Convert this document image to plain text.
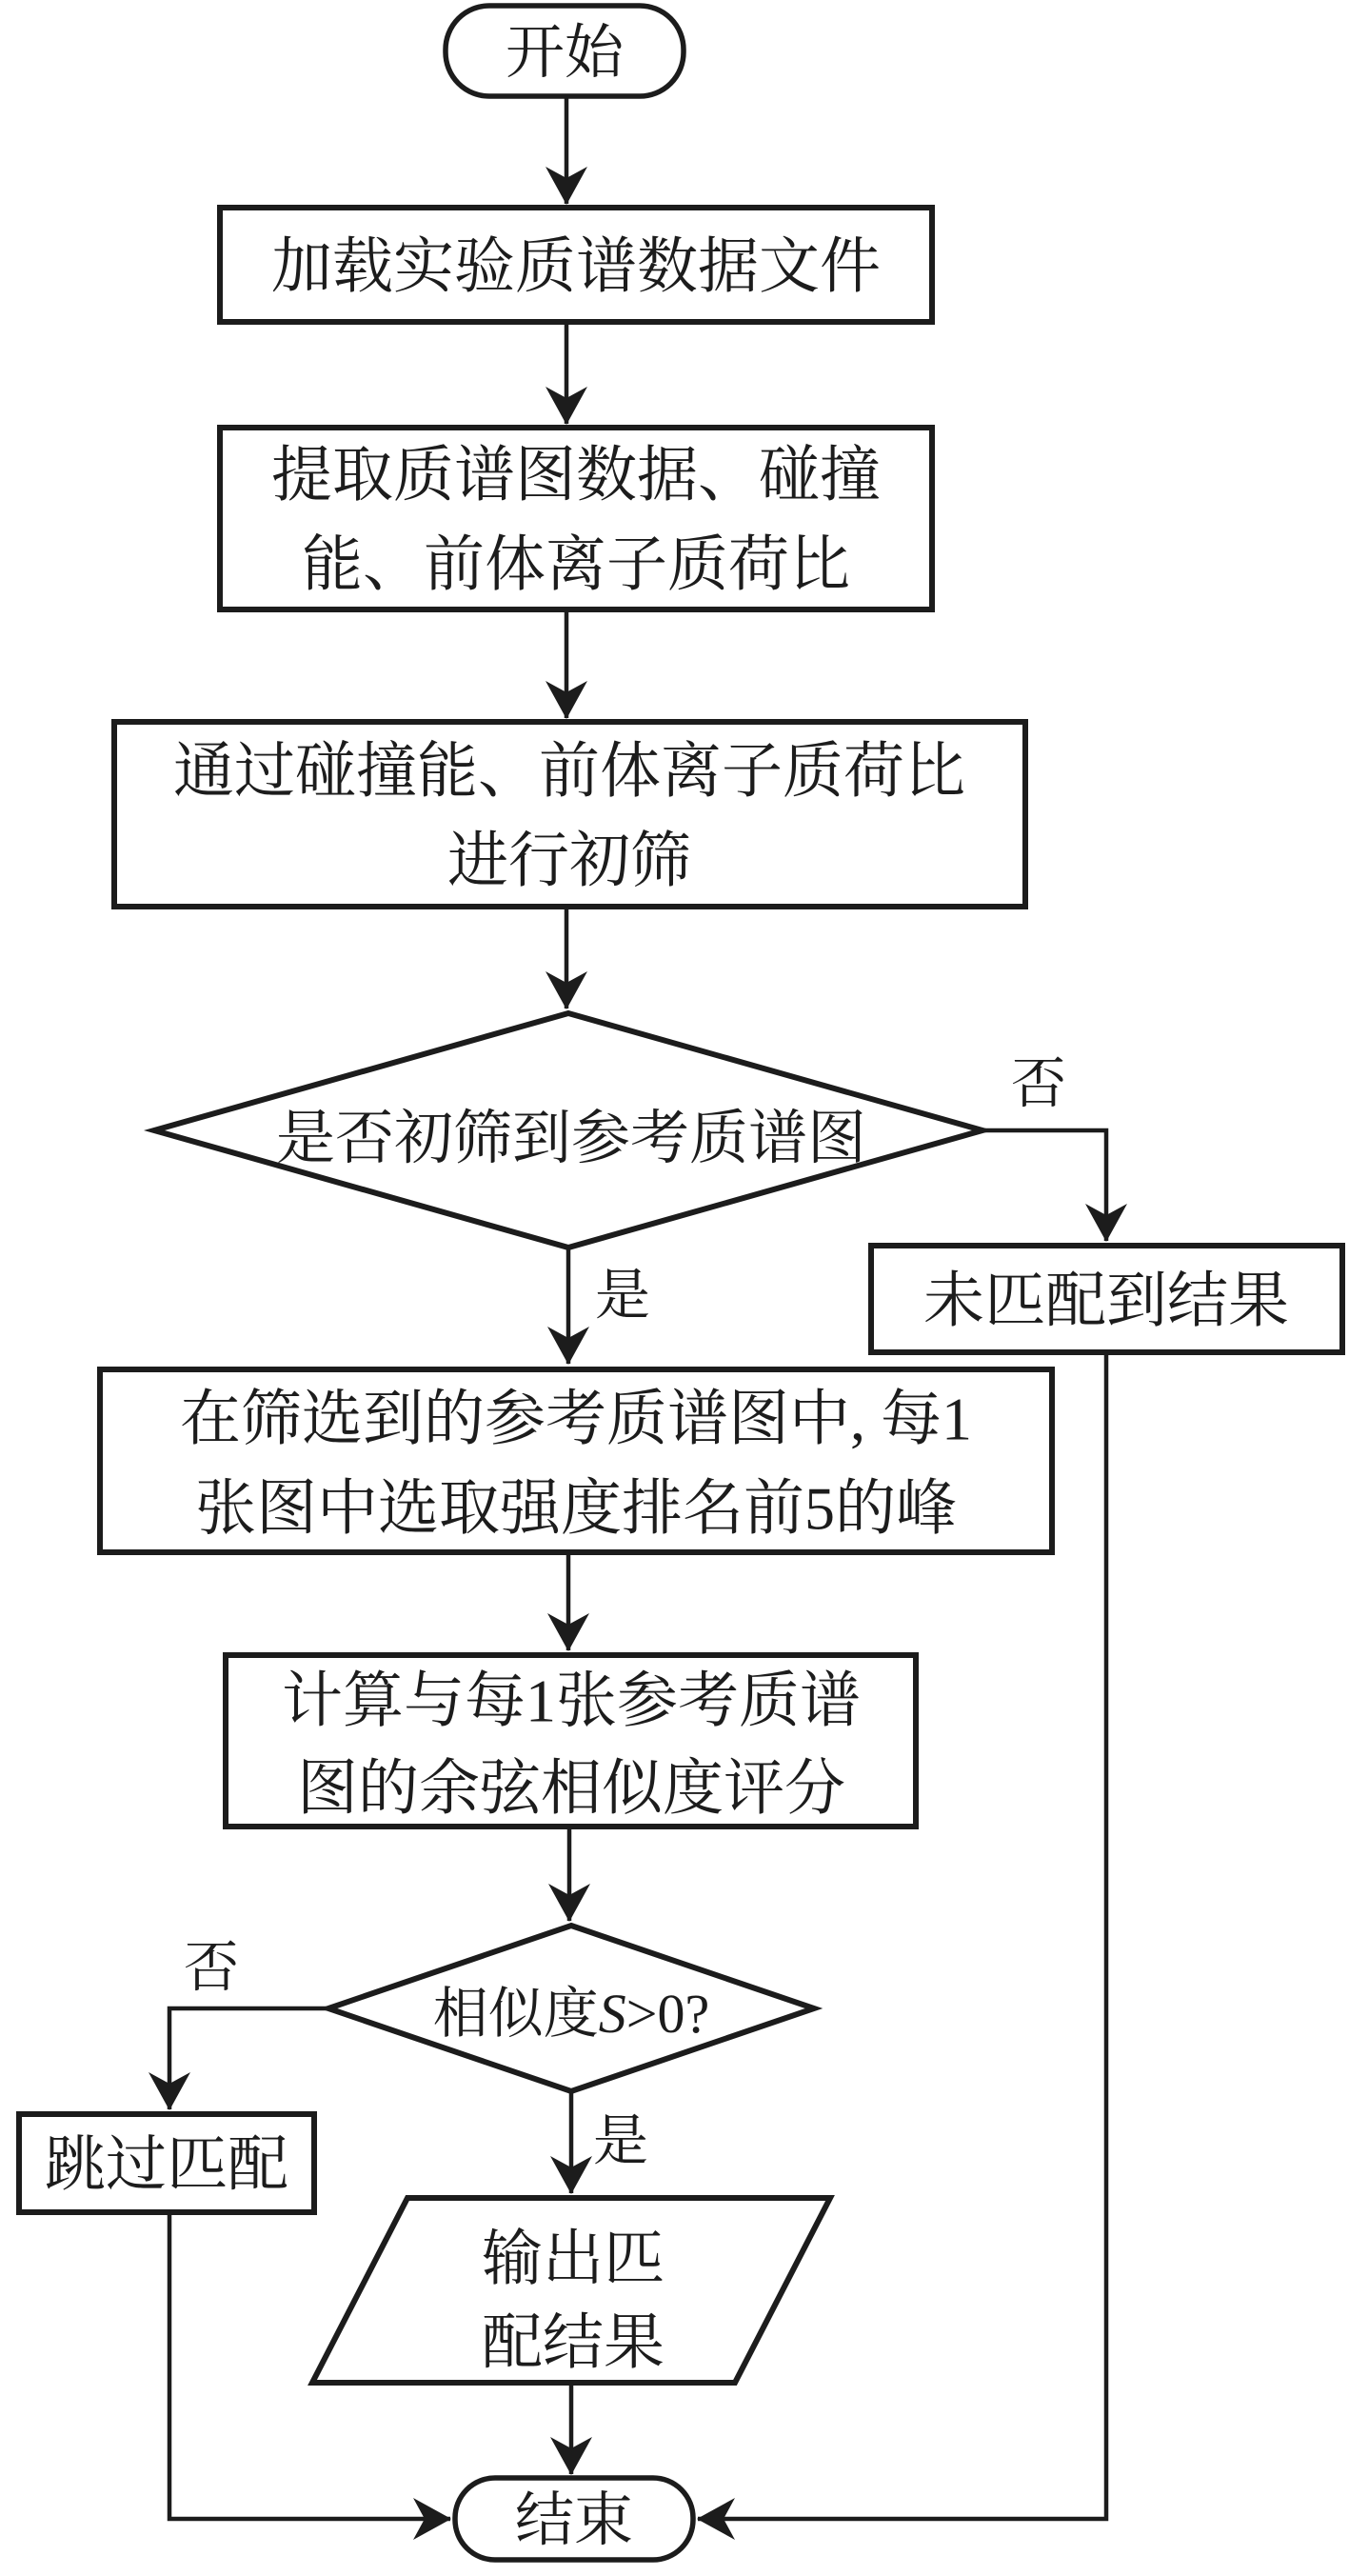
开始
加载实验质谱数据文件
提取质谱图数据、碰撞
能、前体离子质荷比
通过碰撞能、前体离子质荷比
进行初筛
是否初筛到参考质谱图
否
是	未匹配到结果
在筛选到的参考质谱图中, 每1
张图中选取强度排名前5的峰
计算与每1张参考质谱
图的余弦相似度评分
相似度S>0?
否
是
跳过匹配
输出匹
配结果
结束
